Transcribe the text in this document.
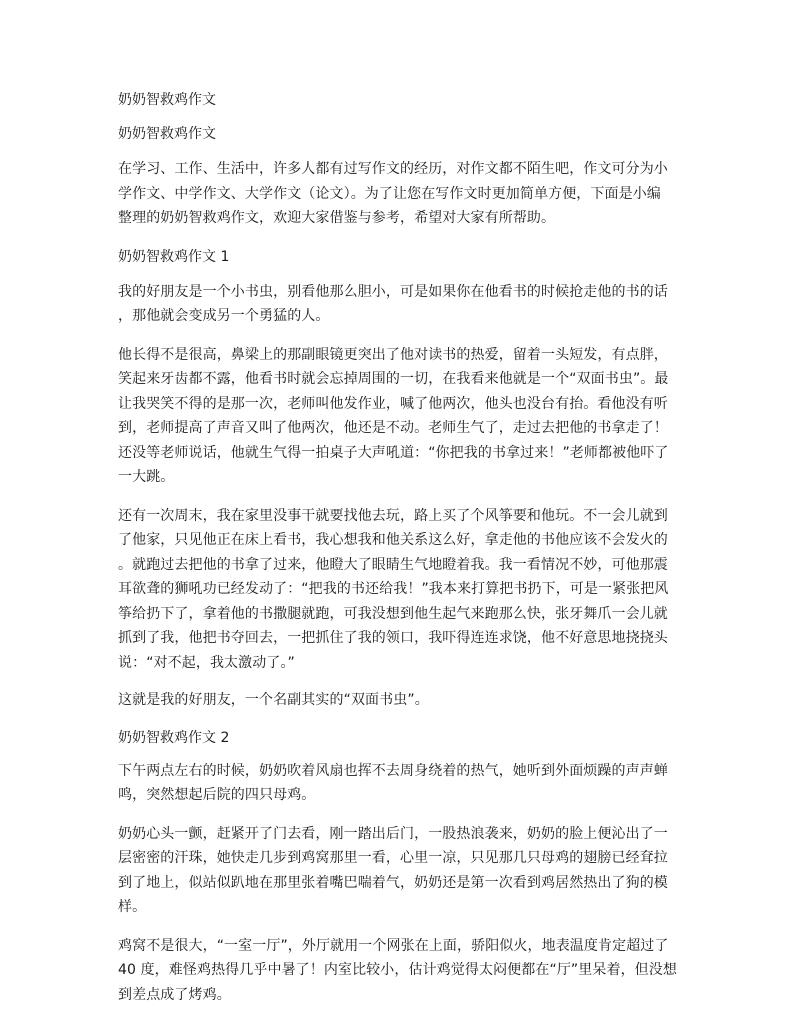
奶奶智救鸡作文
奶奶智救鸡作文
在学习、工作、生活中，许多人都有过写作文的经历，对作文都不陌生吧，作文可分为小
学作文、中学作文、大学作文（论文）。为了让您在写作文时更加简单方便，下面是小编
整理的奶奶智救鸡作文，欢迎大家借鉴与参考，希望对大家有所帮助。
奶奶智救鸡作文 1
我的好朋友是一个小书虫，别看他那么胆小，可是如果你在他看书的时候抢走他的书的话
，那他就会变成另一个勇猛的人。
他长得不是很高，鼻梁上的那副眼镜更突出了他对读书的热爱，留着一头短发，有点胖，
笑起来牙齿都不露，他看书时就会忘掉周围的一切，在我看来他就是一个“双面书虫”。最
让我哭笑不得的是那一次，老师叫他发作业，喊了他两次，他头也没台有抬。看他没有听
到，老师提高了声音又叫了他两次，他还是不动。老师生气了，走过去把他的书拿走了！
还没等老师说话，他就生气得一拍桌子大声吼道：“你把我的书拿过来！”老师都被他吓了
一大跳。
还有一次周末，我在家里没事干就要找他去玩，路上买了个风筝要和他玩。不一会儿就到
了他家，只见他正在床上看书，我心想我和他关系这么好，拿走他的书他应该不会发火的
。就跑过去把他的书拿了过来，他瞪大了眼睛生气地瞪着我。我一看情况不妙，可他那震
耳欲聋的狮吼功已经发动了：“把我的书还给我！”我本来打算把书扔下，可是一紧张把风
筝给扔下了，拿着他的书撒腿就跑，可我没想到他生起气来跑那么快，张牙舞爪一会儿就
抓到了我，他把书夺回去，一把抓住了我的领口，我吓得连连求饶，他不好意思地挠挠头
说：“对不起，我太激动了。”
这就是我的好朋友，一个名副其实的“双面书虫”。
奶奶智救鸡作文 2
下午两点左右的时候，奶奶吹着风扇也挥不去周身绕着的热气，她听到外面烦躁的声声蝉
鸣，突然想起后院的四只母鸡。
奶奶心头一颤，赶紧开了门去看，刚一踏出后门，一股热浪袭来，奶奶的脸上便沁出了一
层密密的汗珠，她快走几步到鸡窝那里一看，心里一凉，只见那几只母鸡的翅膀已经耷拉
到了地上，似站似趴地在那里张着嘴巴喘着气，奶奶还是第一次看到鸡居然热出了狗的模
样。
鸡窝不是很大，“一室一厅”，外厅就用一个网张在上面，骄阳似火，地表温度肯定超过了
40 度，难怪鸡热得几乎中暑了！内室比较小，估计鸡觉得太闷便都在“厅”里呆着，但没想
到差点成了烤鸡。
